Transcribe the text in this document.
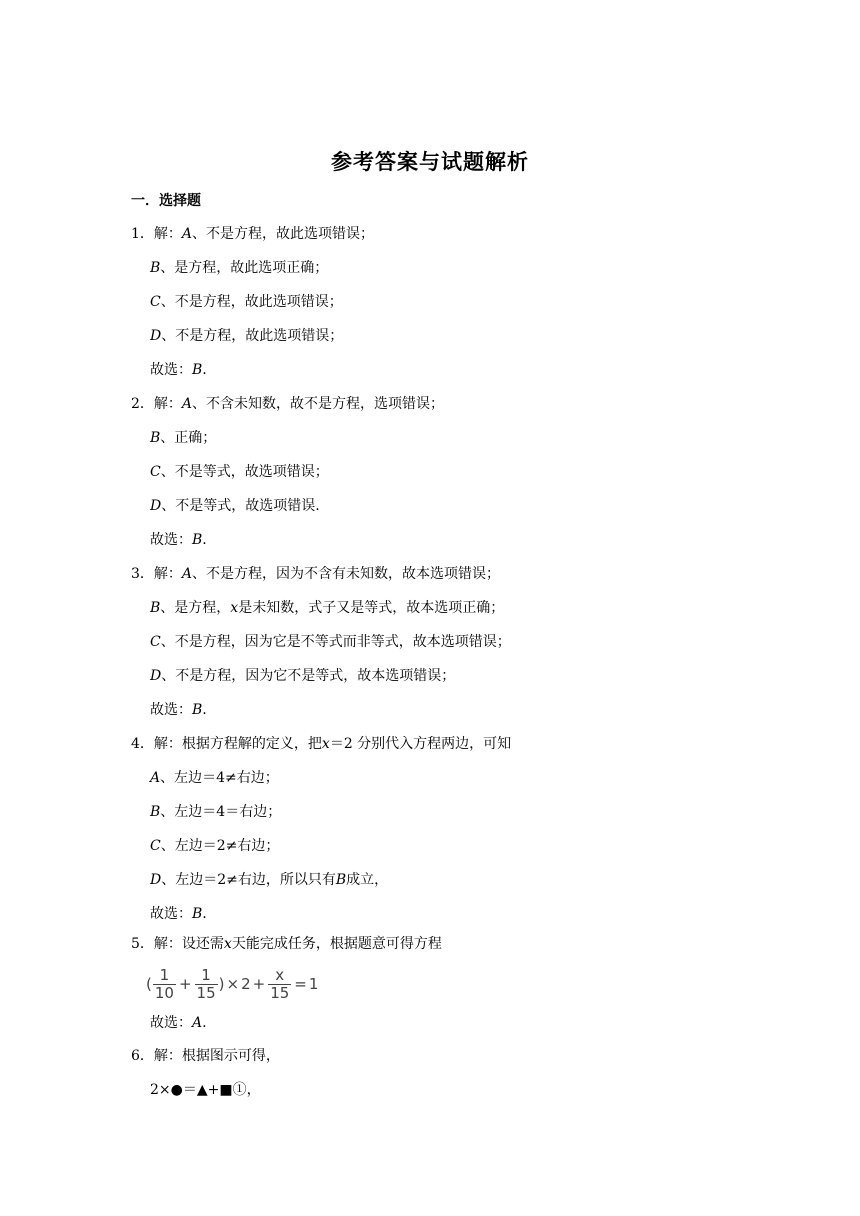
参考答案与试题解析
一．选择题
1．解：A、不是方程，故此选项错误；
B、是方程，故此选项正确；
C、不是方程，故此选项错误；
D、不是方程，故此选项错误；
故选：B.
2．解：A、不含未知数，故不是方程，选项错误；
B、正确；
C、不是等式，故选项错误；
D、不是等式，故选项错误.
故选：B.
3．解：A、不是方程，因为不含有未知数，故本选项错误；
B、是方程，x是未知数，式子又是等式，故本选项正确；
C、不是方程，因为它是不等式而非等式，故本选项错误；
D、不是方程，因为它不是等式，故本选项错误；
故选：B.
4．解：根据方程解的定义，把x＝2 分别代入方程两边，可知
A、左边＝4≠右边；
B、左边＝4＝右边；
C、左边＝2≠右边；
D、左边＝2≠右边，所以只有B成立，
故选：B.
5．解：设还需x天能完成任务，根据题意可得方程
( $\frac{1}{10} + \frac{1}{15}$ ) × $2 + \frac{x}{15} = 1$
故选：A.
6．解：根据图示可得，
2×●＝▲+■①，
